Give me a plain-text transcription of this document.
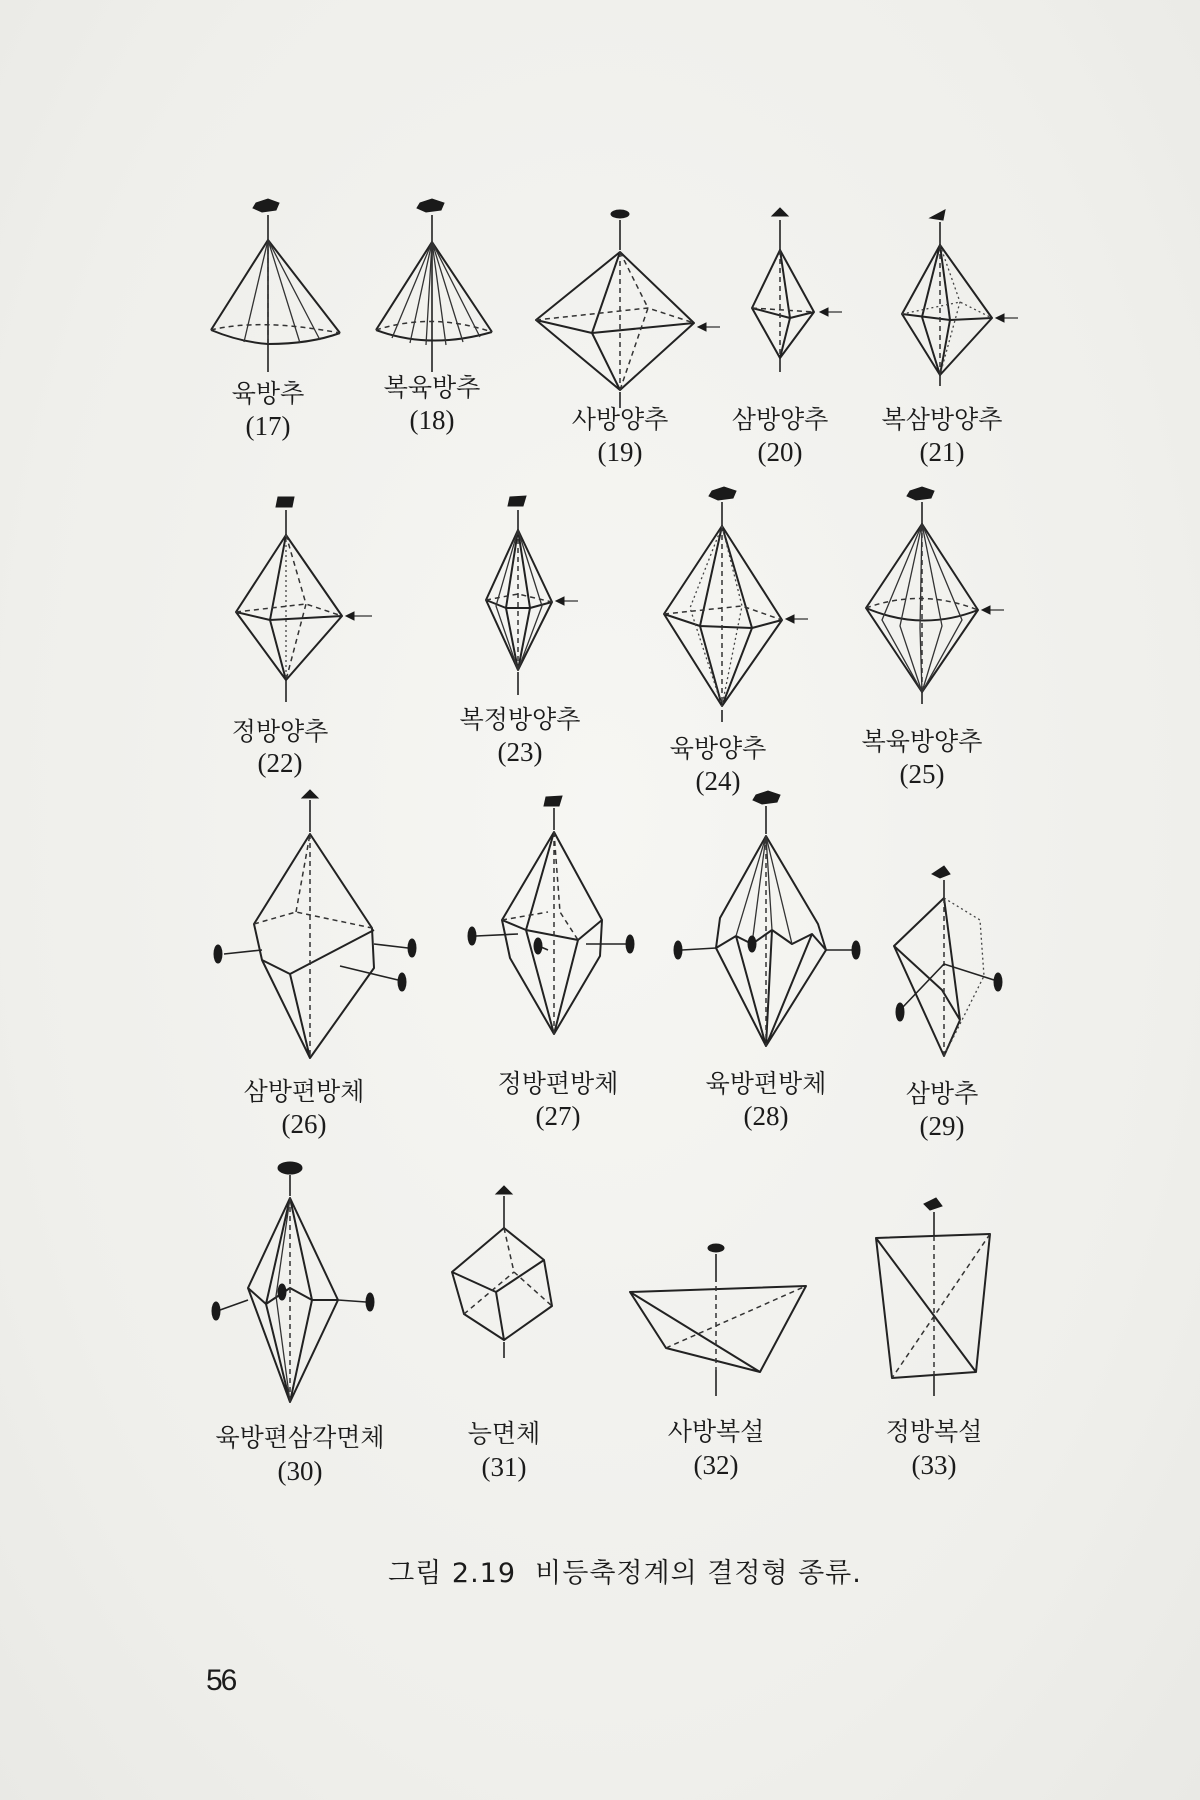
육방추
(17)
복육방추
(18)	사방양추
(19)
삼방양추
(20)
복삼방양추
(21)
정방양추
(22)
복정방양추
(23)	육방양추
(24)
복육방양추
(25)
삼방편방체
(26)
정방편방체
(27)
육방편방체
(28)
삼방추
(29)
육방편삼각면체
(30)
능면체
(31)
사방복설
(32)
정방복설
(33)
그림 2.19  비등축정계의 결정형 종류.
56
